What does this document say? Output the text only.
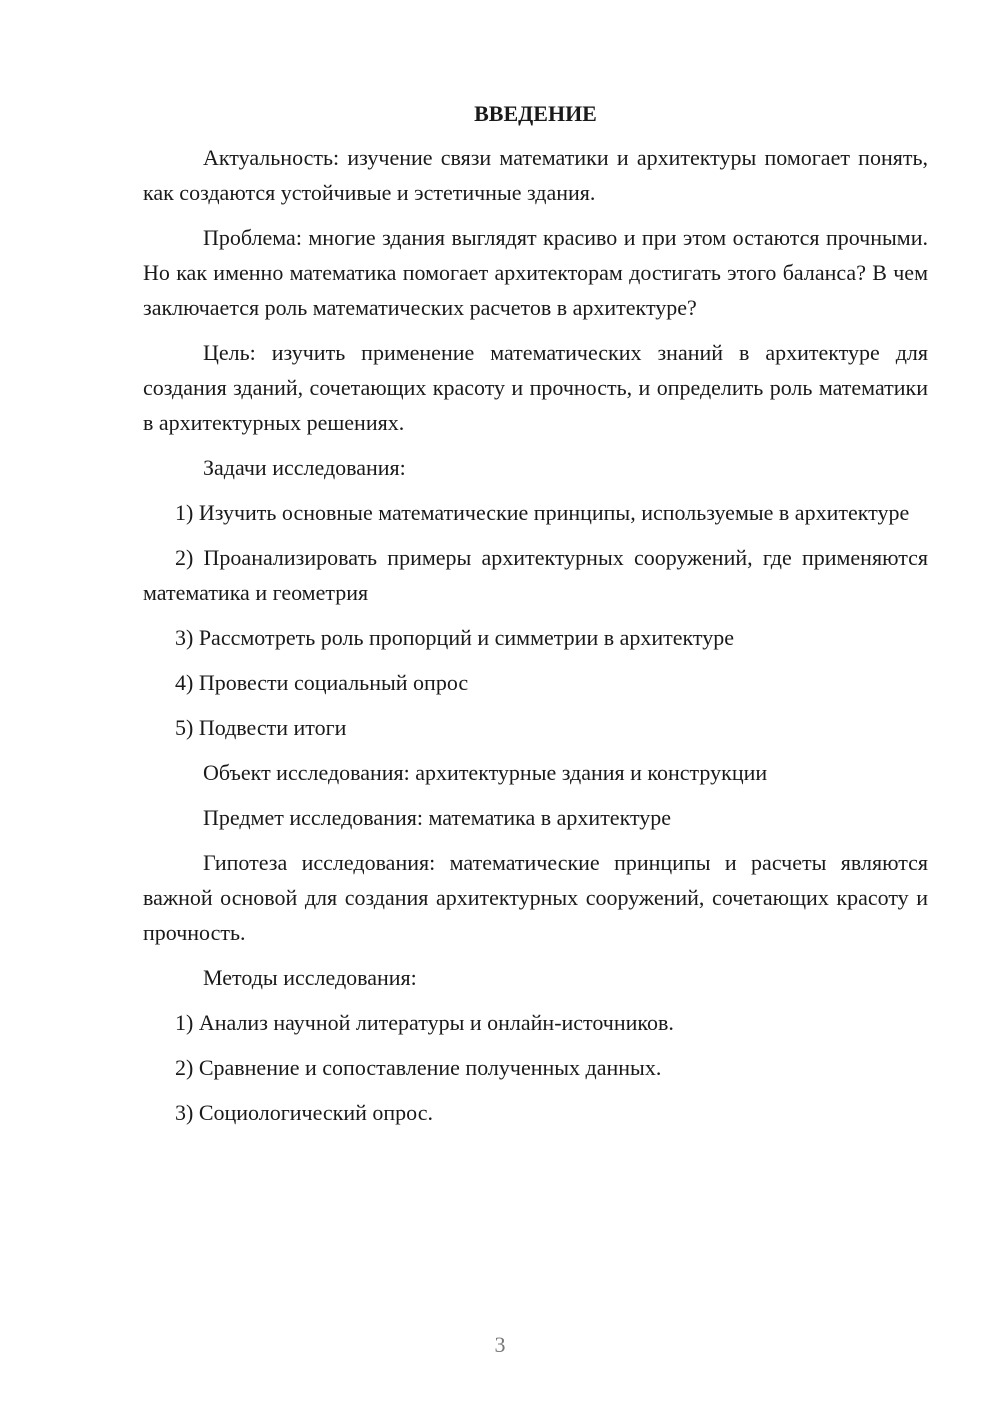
ВВЕДЕНИЕ

Актуальность: изучение связи математики и архитектуры помогает понять, как создаются устойчивые и эстетичные здания.

Проблема: многие здания выглядят красиво и при этом остаются прочными. Но как именно математика помогает архитекторам достигать этого баланса? В чем заключается роль математических расчетов в архитектуре?

Цель: изучить применение математических знаний в архитектуре для создания зданий, сочетающих красоту и прочность, и определить роль математики в архитектурных решениях.

Задачи исследования:

1) Изучить основные математические принципы, используемые в архитектуре

2) Проанализировать примеры архитектурных сооружений, где применяются математика и геометрия

3) Рассмотреть роль пропорций и симметрии в архитектуре

4) Провести социальный опрос

5) Подвести итоги

Объект исследования: архитектурные здания и конструкции

Предмет исследования: математика в архитектуре

Гипотеза исследования: математические принципы и расчеты являются важной основой для создания архитектурных сооружений, сочетающих красоту и прочность.

Методы исследования:

1) Анализ научной литературы и онлайн-источников.

2) Сравнение и сопоставление полученных данных.

3) Социологический опрос.

3
